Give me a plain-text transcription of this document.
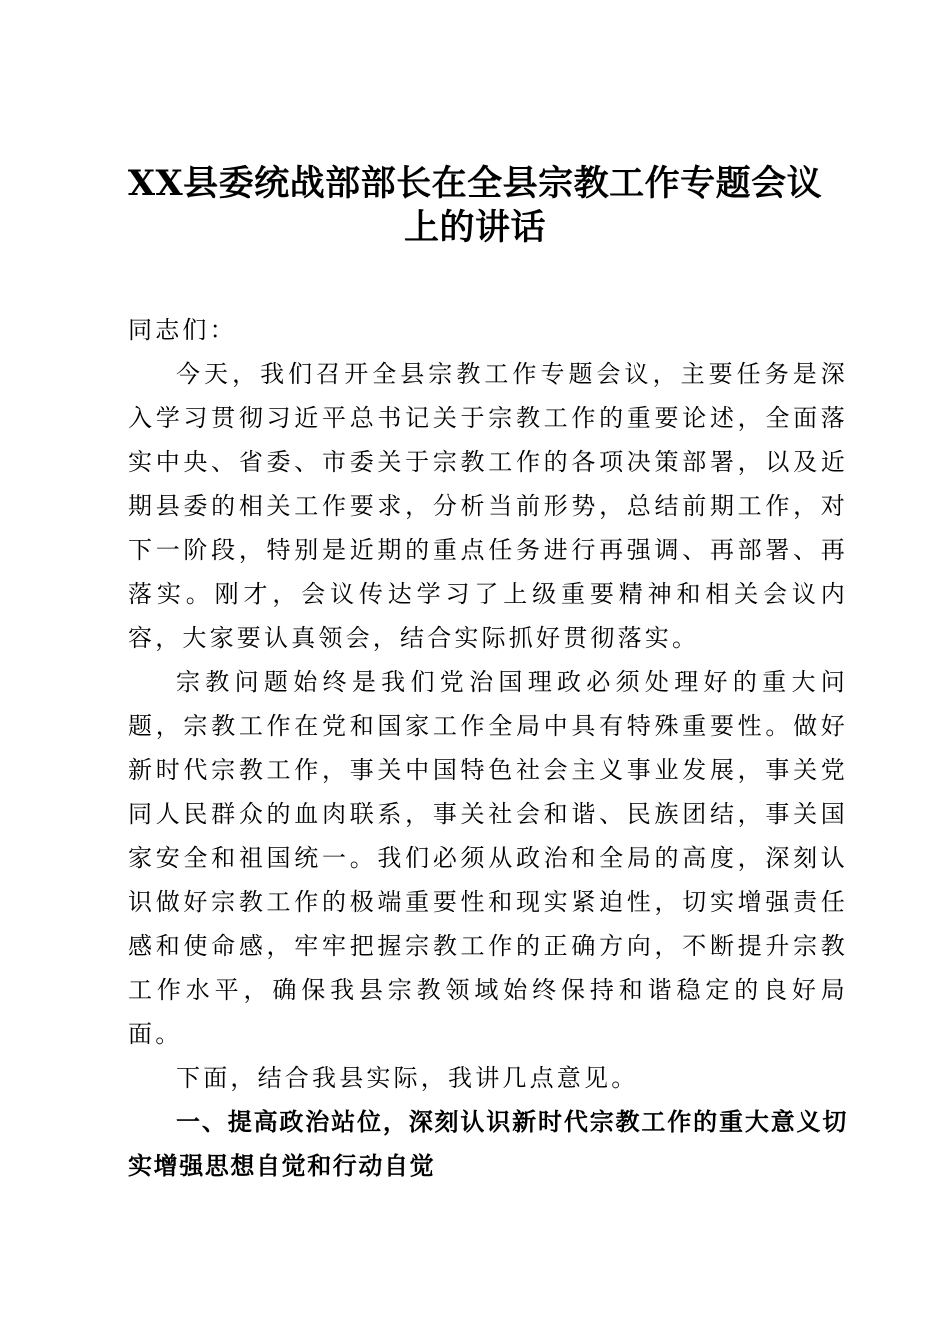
XX县委统战部部长在全县宗教工作专题会议
上的讲话

同志们：

今天，我们召开全县宗教工作专题会议，主要任务是深入学习贯彻习近平总书记关于宗教工作的重要论述，全面落实中央、省委、市委关于宗教工作的各项决策部署，以及近期县委的相关工作要求，分析当前形势，总结前期工作，对下一阶段，特别是近期的重点任务进行再强调、再部署、再落实。刚才，会议传达学习了上级重要精神和相关会议内容，大家要认真领会，结合实际抓好贯彻落实。

宗教问题始终是我们党治国理政必须处理好的重大问题，宗教工作在党和国家工作全局中具有特殊重要性。做好新时代宗教工作，事关中国特色社会主义事业发展，事关党同人民群众的血肉联系，事关社会和谐、民族团结，事关国家安全和祖国统一。我们必须从政治和全局的高度，深刻认识做好宗教工作的极端重要性和现实紧迫性，切实增强责任感和使命感，牢牢把握宗教工作的正确方向，不断提升宗教工作水平，确保我县宗教领域始终保持和谐稳定的良好局面。

下面，结合我县实际，我讲几点意见。

一、提高政治站位，深刻认识新时代宗教工作的重大意义切实增强思想自觉和行动自觉
